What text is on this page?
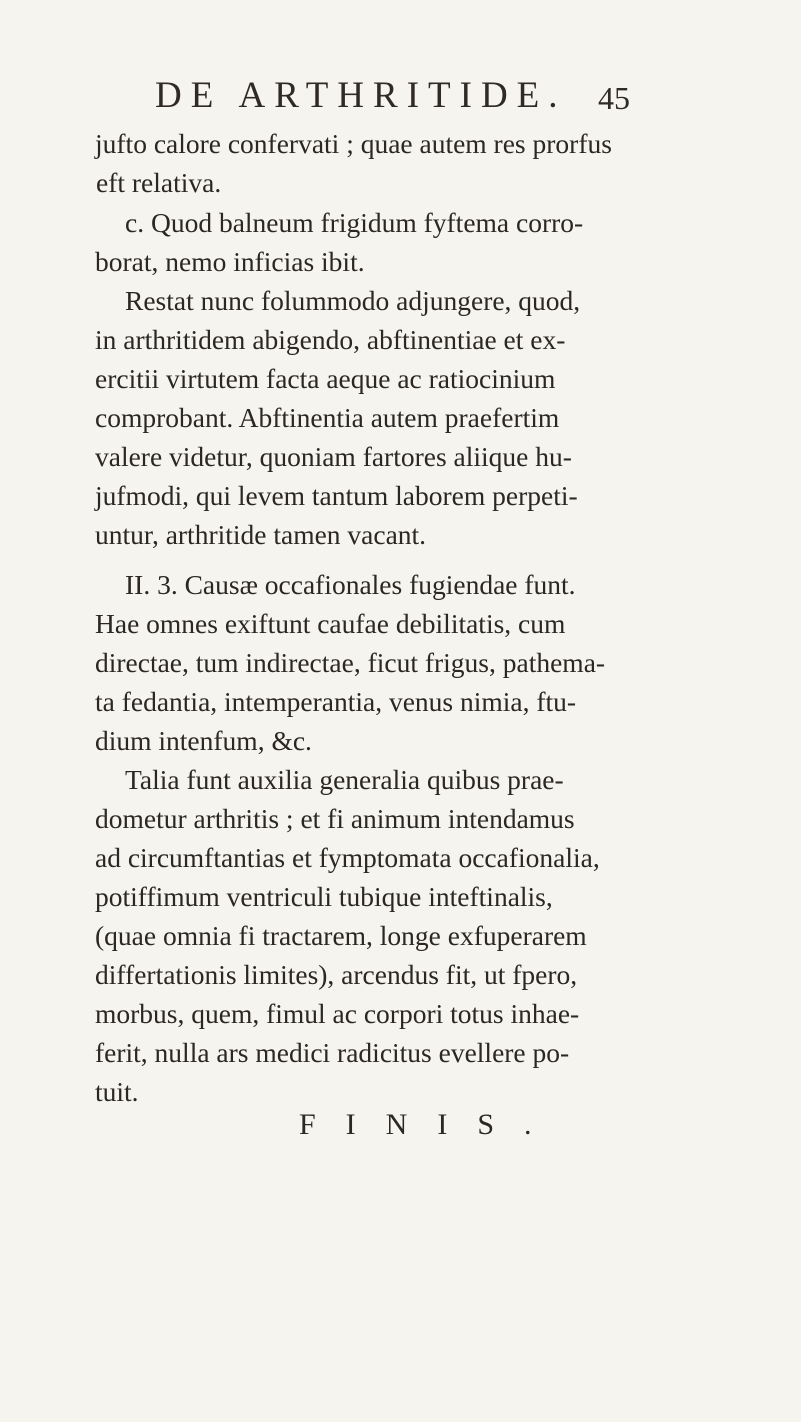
DE ARTHRITIDE. 45
jufto calore confervati ; quae autem res prorfus
eft relativa.
c. Quod balneum frigidum fyftema corro-
borat, nemo inficias ibit.
Restat nunc folummodo adjungere, quod,
in arthritidem abigendo, abftinentiae et ex-
ercitii virtutem facta aeque ac ratiocinium
comprobant. Abftinentia autem praefertim
valere videtur, quoniam fartores aliique hu-
jufmodi, qui levem tantum laborem perpeti-
untur, arthritide tamen vacant.
II. 3. Causæ occafionales fugiendae funt.
Hae omnes exiftunt caufae debilitatis, cum
directae, tum indirectae, ficut frigus, pathema-
ta fedantia, intemperantia, venus nimia, ftu-
dium intenfum, &c.
Talia funt auxilia generalia quibus prae-
dometur arthritis ; et fi animum intendamus
ad circumftantias et fymptomata occafionalia,
potiffimum ventriculi tubique inteftinalis,
(quae omnia fi tractarem, longe exfuperarem
differtationis limites), arcendus fit, ut fpero,
morbus, quem, fimul ac corpori totus inhae-
ferit, nulla ars medici radicitus evellere po-
tuit.
FINIS.
